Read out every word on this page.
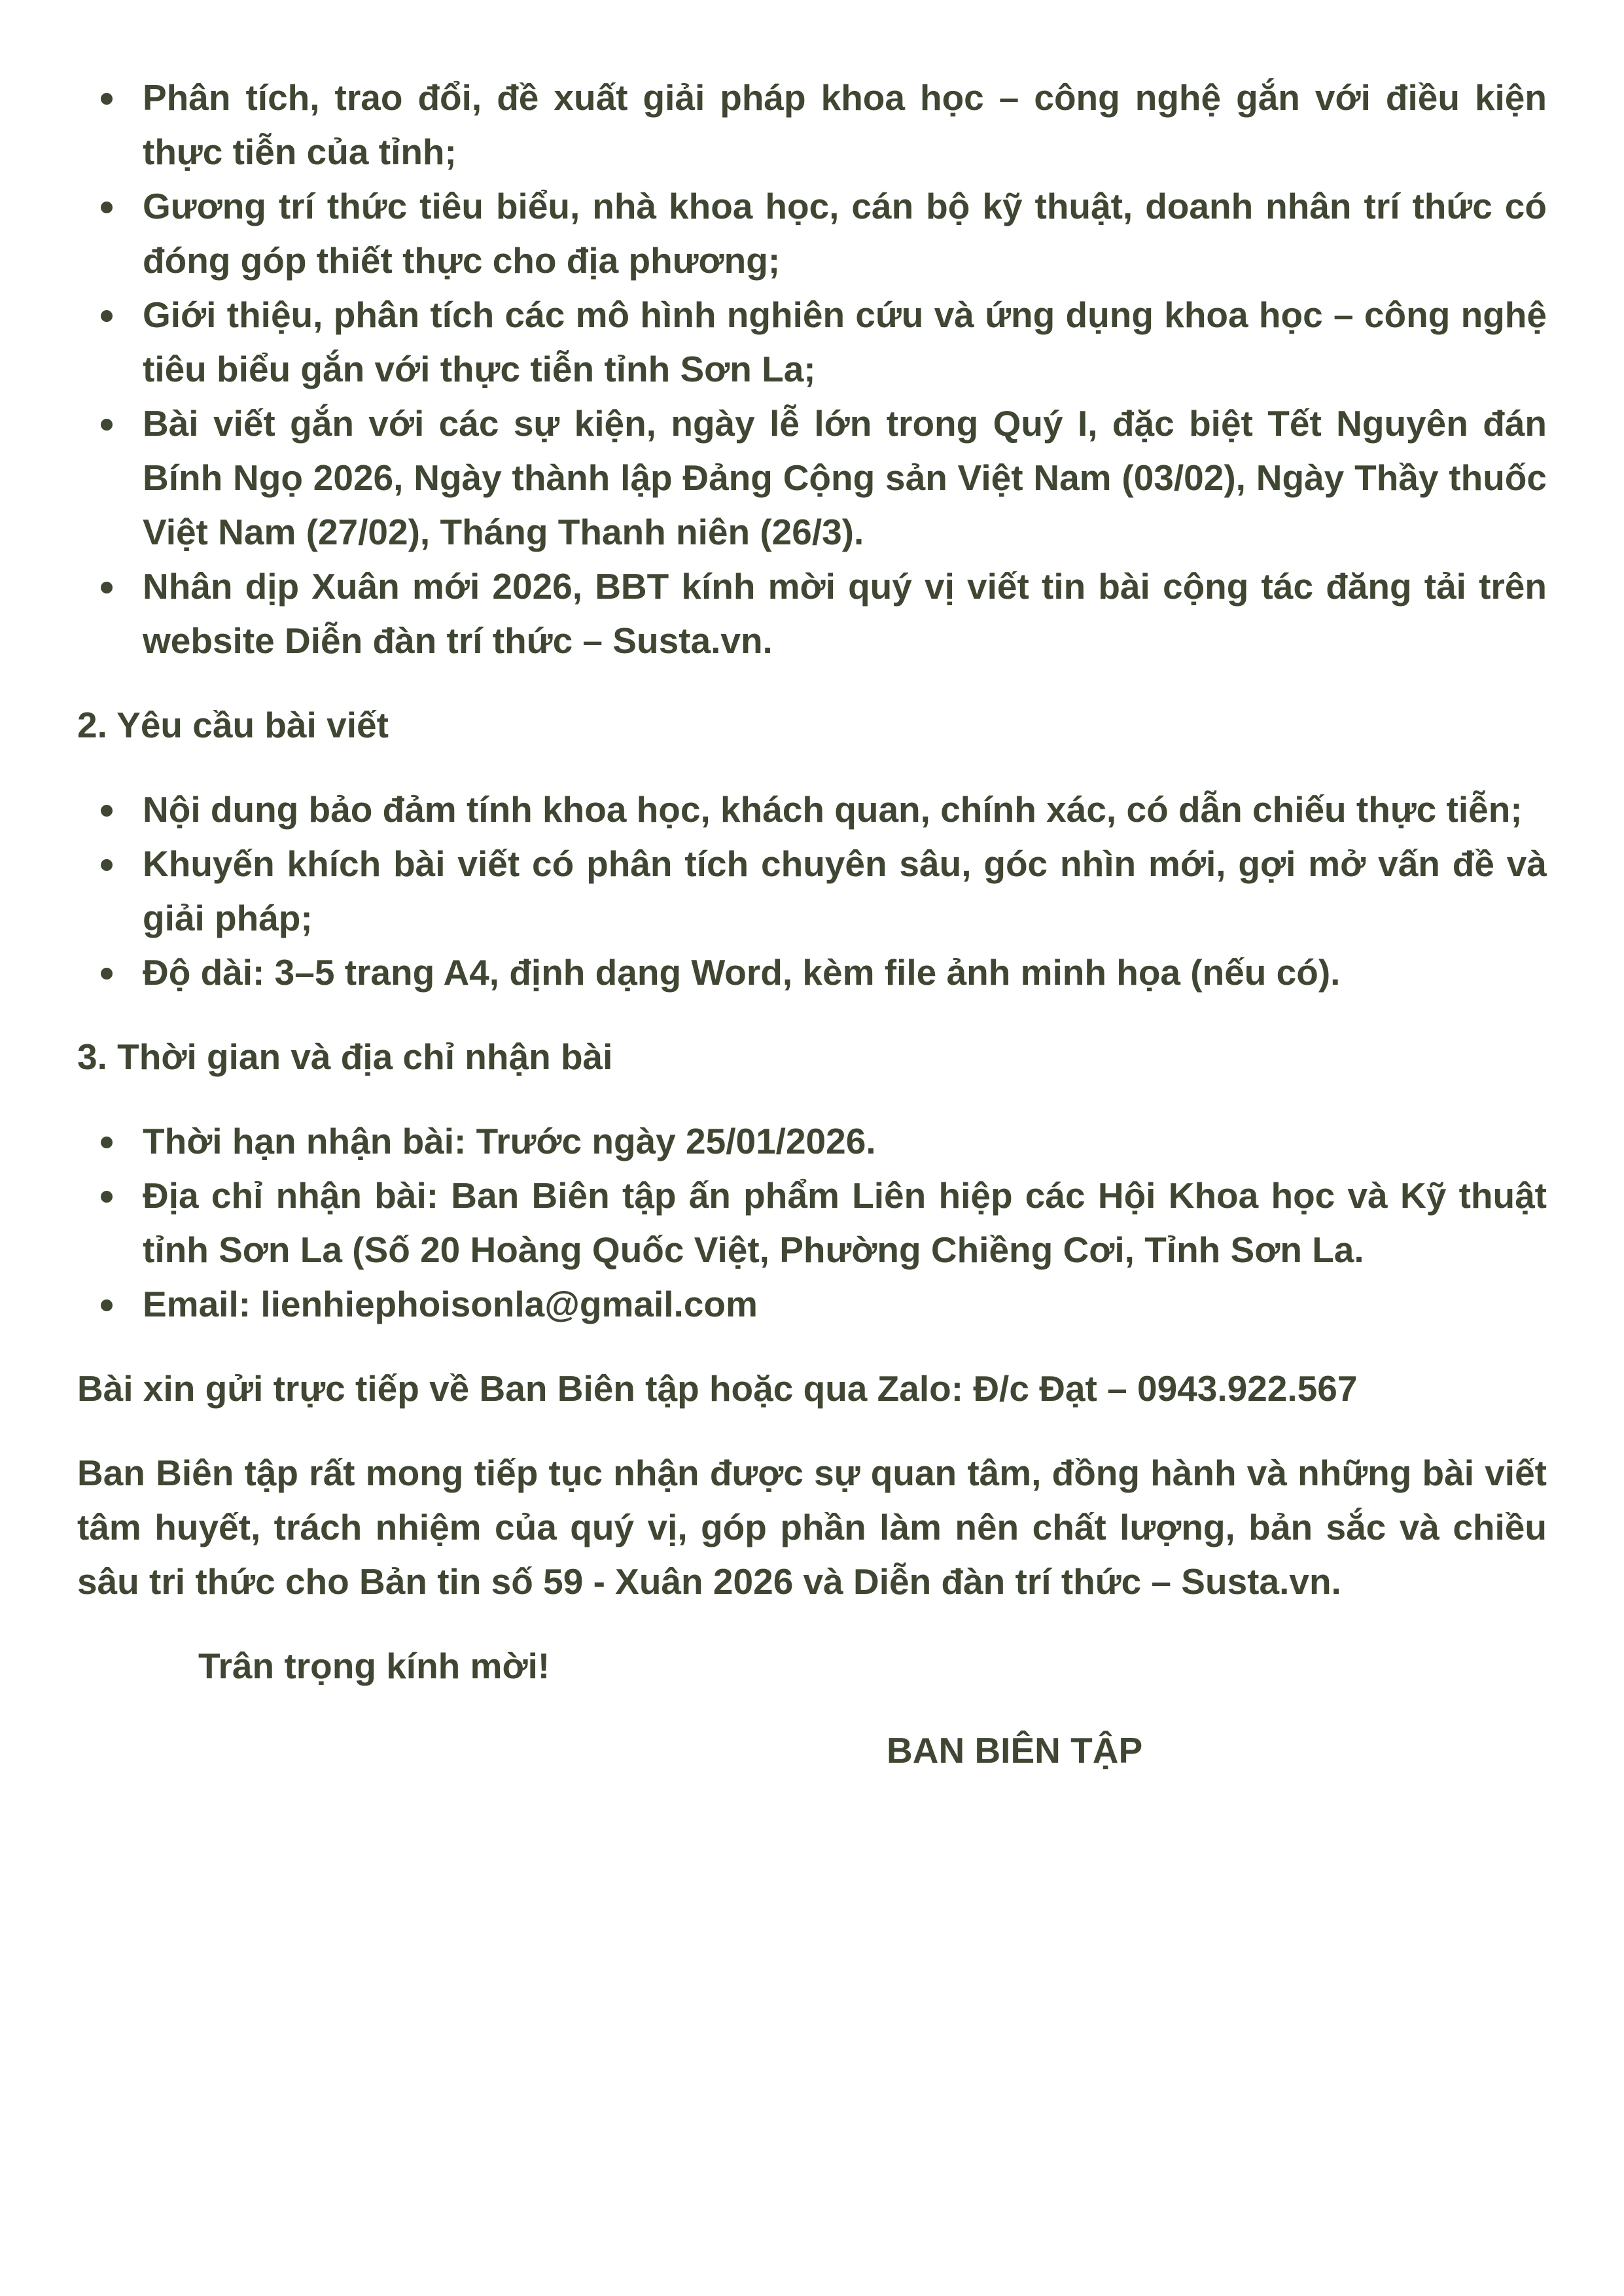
Phân tích, trao đổi, đề xuất giải pháp khoa học – công nghệ gắn với điều kiện thực tiễn của tỉnh;
Gương trí thức tiêu biểu, nhà khoa học, cán bộ kỹ thuật, doanh nhân trí thức có đóng góp thiết thực cho địa phương;
Giới thiệu, phân tích các mô hình nghiên cứu và ứng dụng khoa học – công nghệ tiêu biểu gắn với thực tiễn tỉnh Sơn La;
Bài viết gắn với các sự kiện, ngày lễ lớn trong Quý I, đặc biệt Tết Nguyên đán Bính Ngọ 2026, Ngày thành lập Đảng Cộng sản Việt Nam (03/02), Ngày Thầy thuốc Việt Nam (27/02), Tháng Thanh niên (26/3).
Nhân dịp Xuân mới 2026, BBT kính mời quý vị viết tin bài cộng tác đăng tải trên website Diễn đàn trí thức – Susta.vn.

2. Yêu cầu bài viết

Nội dung bảo đảm tính khoa học, khách quan, chính xác, có dẫn chiếu thực tiễn;
Khuyến khích bài viết có phân tích chuyên sâu, góc nhìn mới, gợi mở vấn đề và giải pháp;
Độ dài: 3–5 trang A4, định dạng Word, kèm file ảnh minh họa (nếu có).

3. Thời gian và địa chỉ nhận bài

Thời hạn nhận bài: Trước ngày 25/01/2026.
Địa chỉ nhận bài: Ban Biên tập ấn phẩm Liên hiệp các Hội Khoa học và Kỹ thuật tỉnh Sơn La (Số 20 Hoàng Quốc Việt, Phường Chiềng Cơi, Tỉnh Sơn La.
Email: lienhiephoisonla@gmail.com

Bài xin gửi trực tiếp về Ban Biên tập hoặc qua Zalo: Đ/c Đạt – 0943.922.567

Ban Biên tập rất mong tiếp tục nhận được sự quan tâm, đồng hành và những bài viết tâm huyết, trách nhiệm của quý vị, góp phần làm nên chất lượng, bản sắc và chiều sâu tri thức cho Bản tin số 59 - Xuân 2026 và Diễn đàn trí thức – Susta.vn.

Trân trọng kính mời!

BAN BIÊN TẬP
